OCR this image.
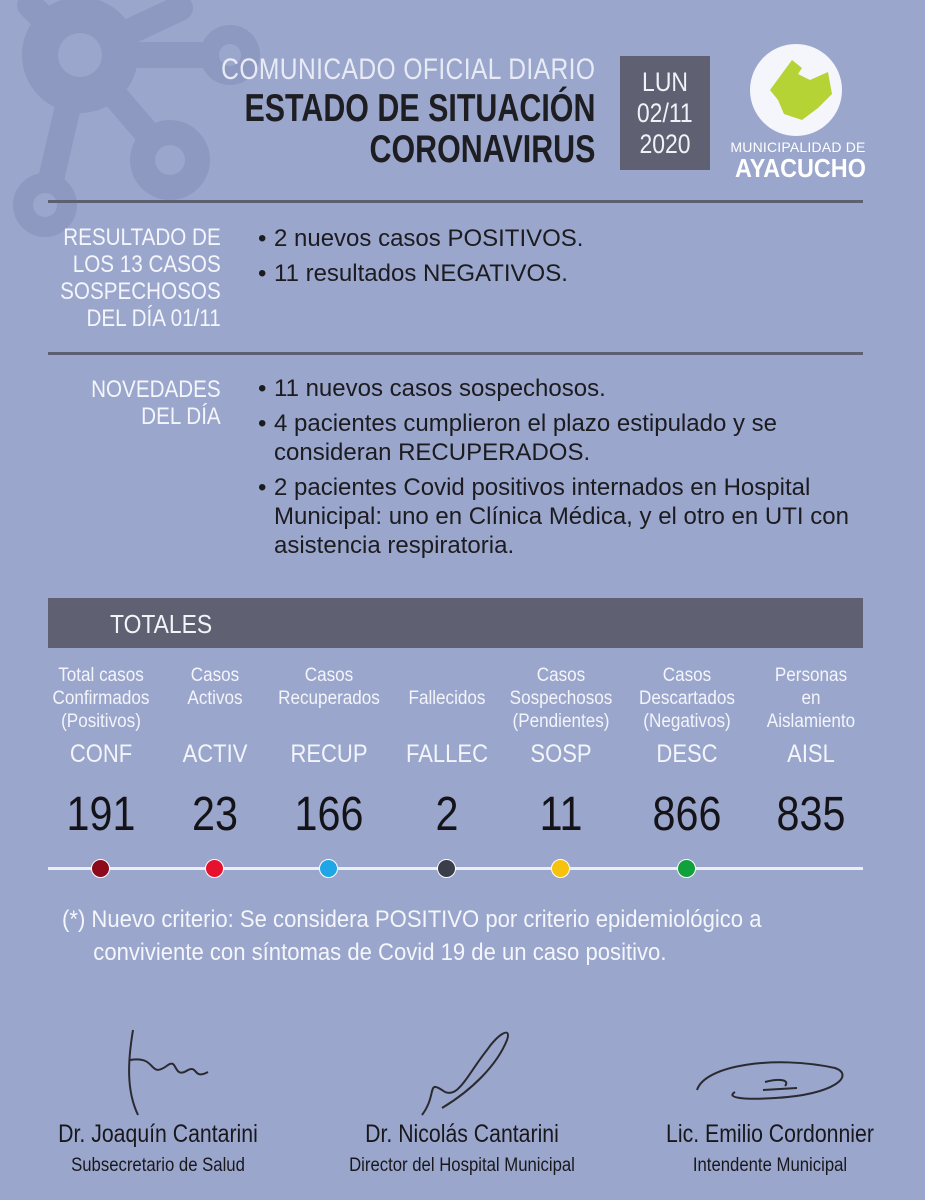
COMUNICADO OFICIAL DIARIO
ESTADO DE SITUACIÓN
CORONAVIRUS
LUN
02/11
2020	MUNICIPALIDAD DE
AYACUCHO
RESULTADO DE
LOS 13 CASOS
SOSPECHOSOS
DEL DÍA 01/11
• 2 nuevos casos POSITIVOS.
• 11 resultados NEGATIVOS.
NOVEDADES
DEL DÍA
• 11 nuevos casos sospechosos.
• 4 pacientes cumplieron el plazo estipulado y se consideran RECUPERADOS.
• 2 pacientes Covid positivos internados en Hospital Municipal: uno en Clínica Médica, y el otro en UTI con asistencia respiratoria.
TOTALES
Total casos
Confirmados
(Positivos)
CONF
191
Casos
Activos
ACTIV
23
Casos
Recuperados
RECUP
166
Fallecidos
FALLEC
2
Casos
Sospechosos
(Pendientes)
SOSP
11
Casos
Descartados
(Negativos)
DESC
866
Personas
en
Aislamiento
AISL
835
(*) Nuevo criterio: Se considera POSITIVO por criterio epidemiológico a
conviviente con síntomas de Covid 19 de un caso positivo.
Dr. Joaquín Cantarini
Subsecretario de Salud
Dr. Nicolás Cantarini
Director del Hospital Municipal
Lic. Emilio Cordonnier
Intendente Municipal
